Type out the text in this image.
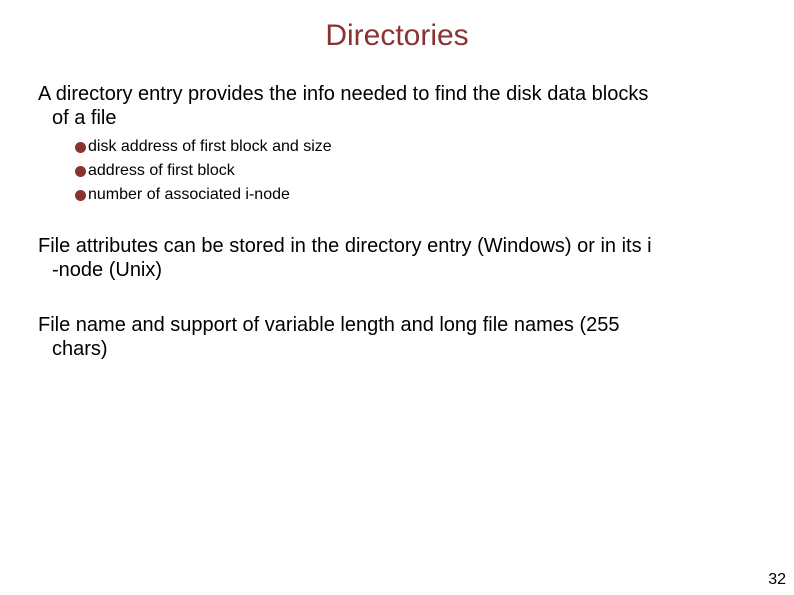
Directories

A directory entry provides the info needed to find the disk data blocks
of a file

disk address of first block and size
address of first block
number of associated i-node

File attributes can be stored in the directory entry (Windows) or in its i
-node (Unix)

File name and support of variable length and long file names (255
chars)

32
